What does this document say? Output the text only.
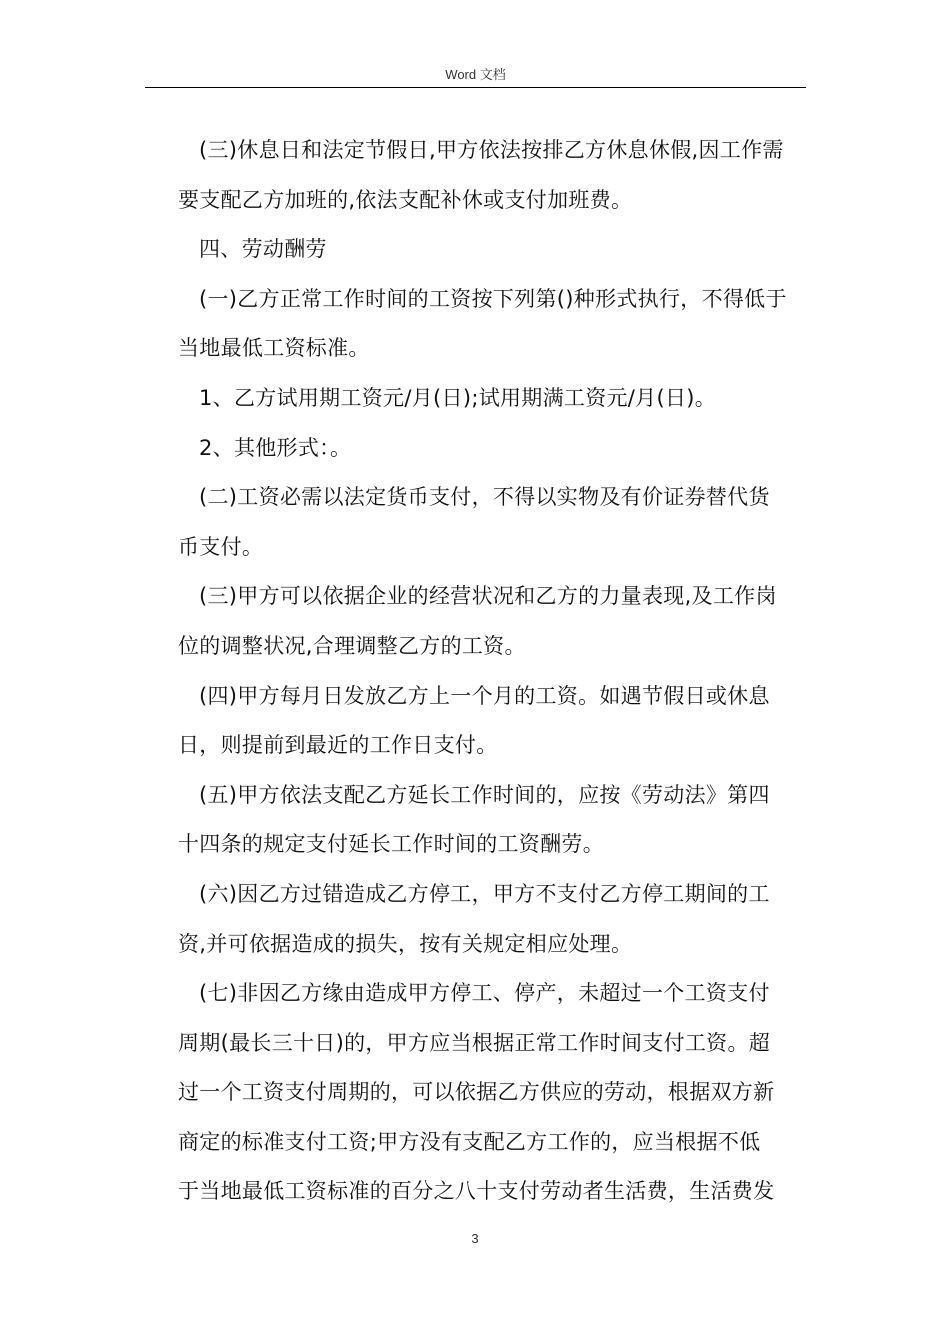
Word 文档
(三)休息日和法定节假日,甲方依法按排乙方休息休假,因工作需
要支配乙方加班的,依法支配补休或支付加班费。
四、劳动酬劳
(一)乙方正常工作时间的工资按下列第()种形式执行，不得低于
当地最低工资标准。
1、乙方试用期工资元/月(日);试用期满工资元/月(日)。
2、其他形式：。
(二)工资必需以法定货币支付，不得以实物及有价证券替代货
币支付。
(三)甲方可以依据企业的经营状况和乙方的力量表现,及工作岗
位的调整状况,合理调整乙方的工资。
(四)甲方每月日发放乙方上一个月的工资。如遇节假日或休息
日，则提前到最近的工作日支付。
(五)甲方依法支配乙方延长工作时间的，应按《劳动法》第四
十四条的规定支付延长工作时间的工资酬劳。
(六)因乙方过错造成乙方停工，甲方不支付乙方停工期间的工
资,并可依据造成的损失，按有关规定相应处理。
(七)非因乙方缘由造成甲方停工、停产，未超过一个工资支付
周期(最长三十日)的，甲方应当根据正常工作时间支付工资。超
过一个工资支付周期的，可以依据乙方供应的劳动，根据双方新
商定的标准支付工资;甲方没有支配乙方工作的，应当根据不低
于当地最低工资标准的百分之八十支付劳动者生活费，生活费发
3
